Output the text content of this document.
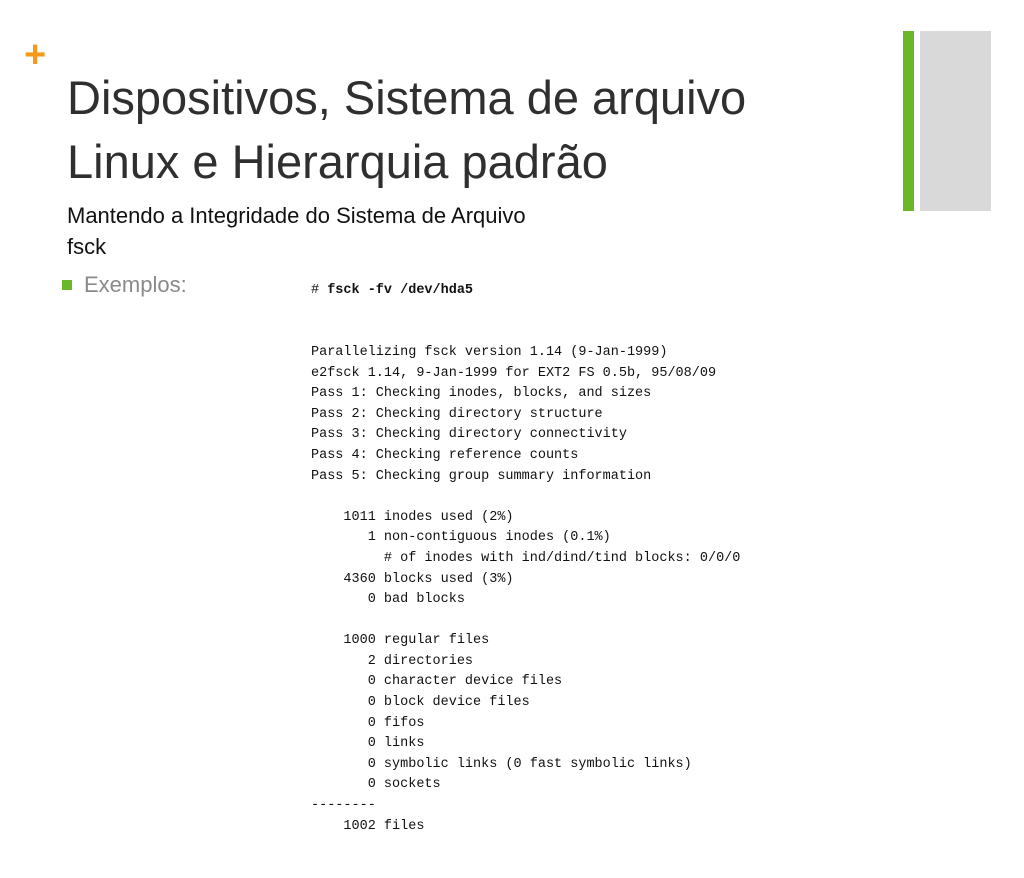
+
Dispositivos, Sistema de arquivo
Linux e Hierarquia padrão
Mantendo a Integridade do Sistema de Arquivo
fsck
Exemplos:

	# fsck -fv /dev/hda5

Parallelizing fsck version 1.14 (9-Jan-1999)
e2fsck 1.14, 9-Jan-1999 for EXT2 FS 0.5b, 95/08/09
Pass 1: Checking inodes, blocks, and sizes
Pass 2: Checking directory structure
Pass 3: Checking directory connectivity
Pass 4: Checking reference counts
Pass 5: Checking group summary information
1011 inodes used (2%)
1 non-contiguous inodes (0.1%)
# of inodes with ind/dind/tind blocks: 0/0/0
4360 blocks used (3%)
0 bad blocks
1000 regular files
2 directories
0 character device files
0 block device files
0 fifos
0 links
0 symbolic links (0 fast symbolic links)
0 sockets
--------
1002 files
